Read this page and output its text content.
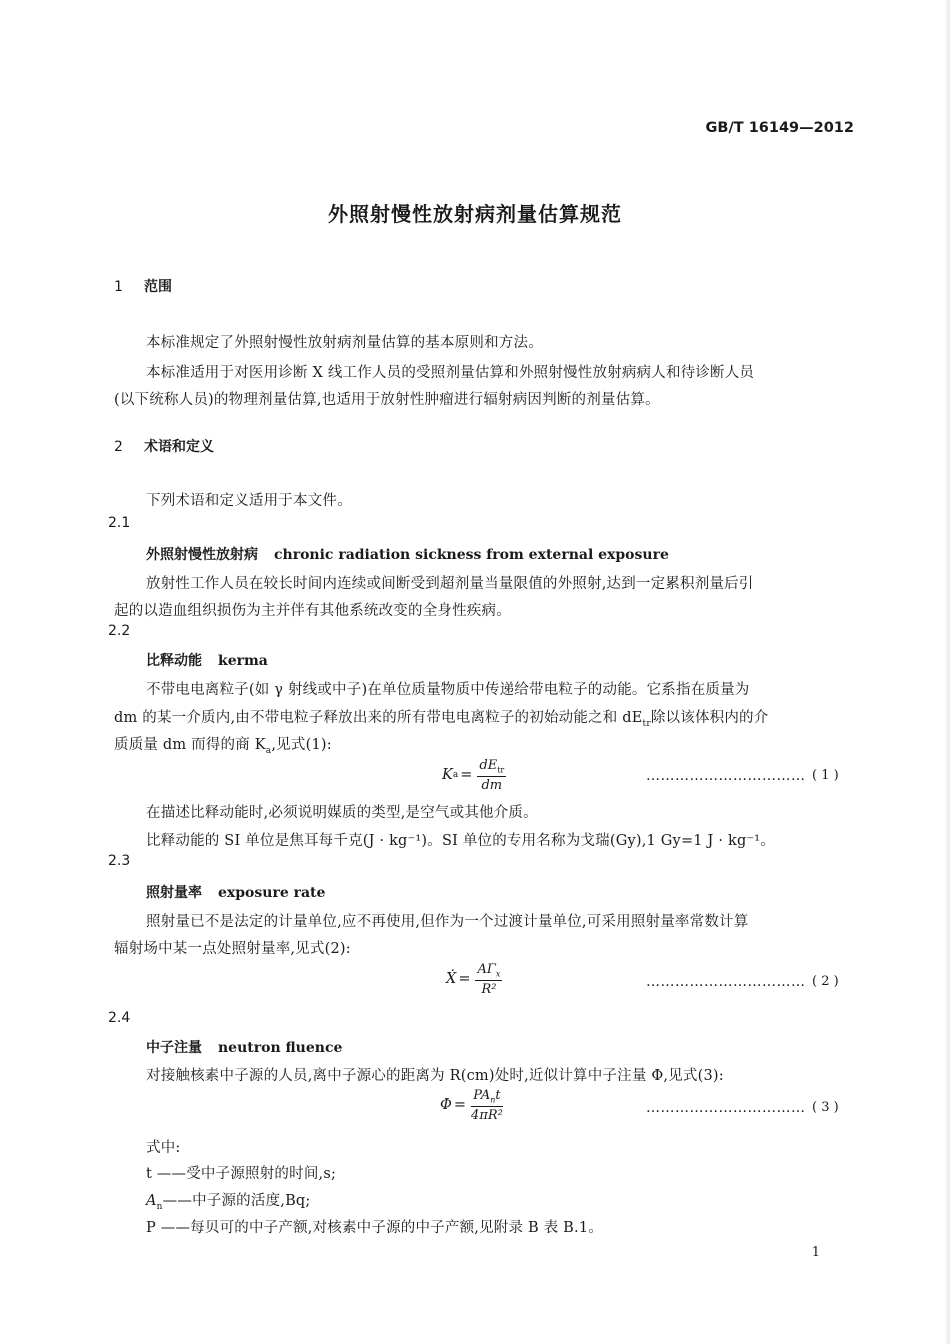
GB/T 16149—2012
外照射慢性放射病剂量估算规范
1 范围
本标准规定了外照射慢性放射病剂量估算的基本原则和方法。
本标准适用于对医用诊断 X 线工作人员的受照剂量估算和外照射慢性放射病病人和待诊断人员
(以下统称人员)的物理剂量估算,也适用于放射性肿瘤进行辐射病因判断的剂量估算。
2 术语和定义
下列术语和定义适用于本文件。
2.1
外照射慢性放射病 chronic radiation sickness from external exposure
放射性工作人员在较长时间内连续或间断受到超剂量当量限值的外照射,达到一定累积剂量后引
起的以造血组织损伤为主并伴有其他系统改变的全身性疾病。
2.2
比释动能 kerma
不带电电离粒子(如 γ 射线或中子)在单位质量物质中传递给带电粒子的动能。它系指在质量为
dm 的某一介质内,由不带电粒子释放出来的所有带电电离粒子的初始动能之和 $dE_{tr}$除以该体积内的介
质质量 dm 而得的商 $K_a$,见式(1):
K $a = \frac{dE_{tr}}{dm}$	…………………………… ( 1 )
在描述比释动能时,必须说明媒质的类型,是空气或其他介质。
比释动能的 SI 单位是焦耳每千克(J · kg⁻¹)。SI 单位的专用名称为戈瑞(Gy),1 Gy=1 J · kg⁻¹。
2.3
照射量率 exposure rate
照射量已不是法定的计量单位,应不再使用,但作为一个过渡计量单位,可采用照射量率常数计算
辐射场中某一点处照射量率,见式(2):
Ẋ = $\frac{A\Gamma_x}{\text{R²}}$	…………………………… ( 2 )
2.4
中子注量 neutron fluence
对接触核素中子源的人员,离中子源心的距离为 R(cm)处时,近似计算中子注量 Φ,见式(3):
$\Phi = \frac{PA_nt}{\text{4πR²}}$	…………………………… ( 3 )
式中:
t ——受中子源照射的时间,s;
$A_n——$中子源的活度,Bq;
P ——每贝可的中子产额,对核素中子源的中子产额,见附录 B 表 B.1。
1
